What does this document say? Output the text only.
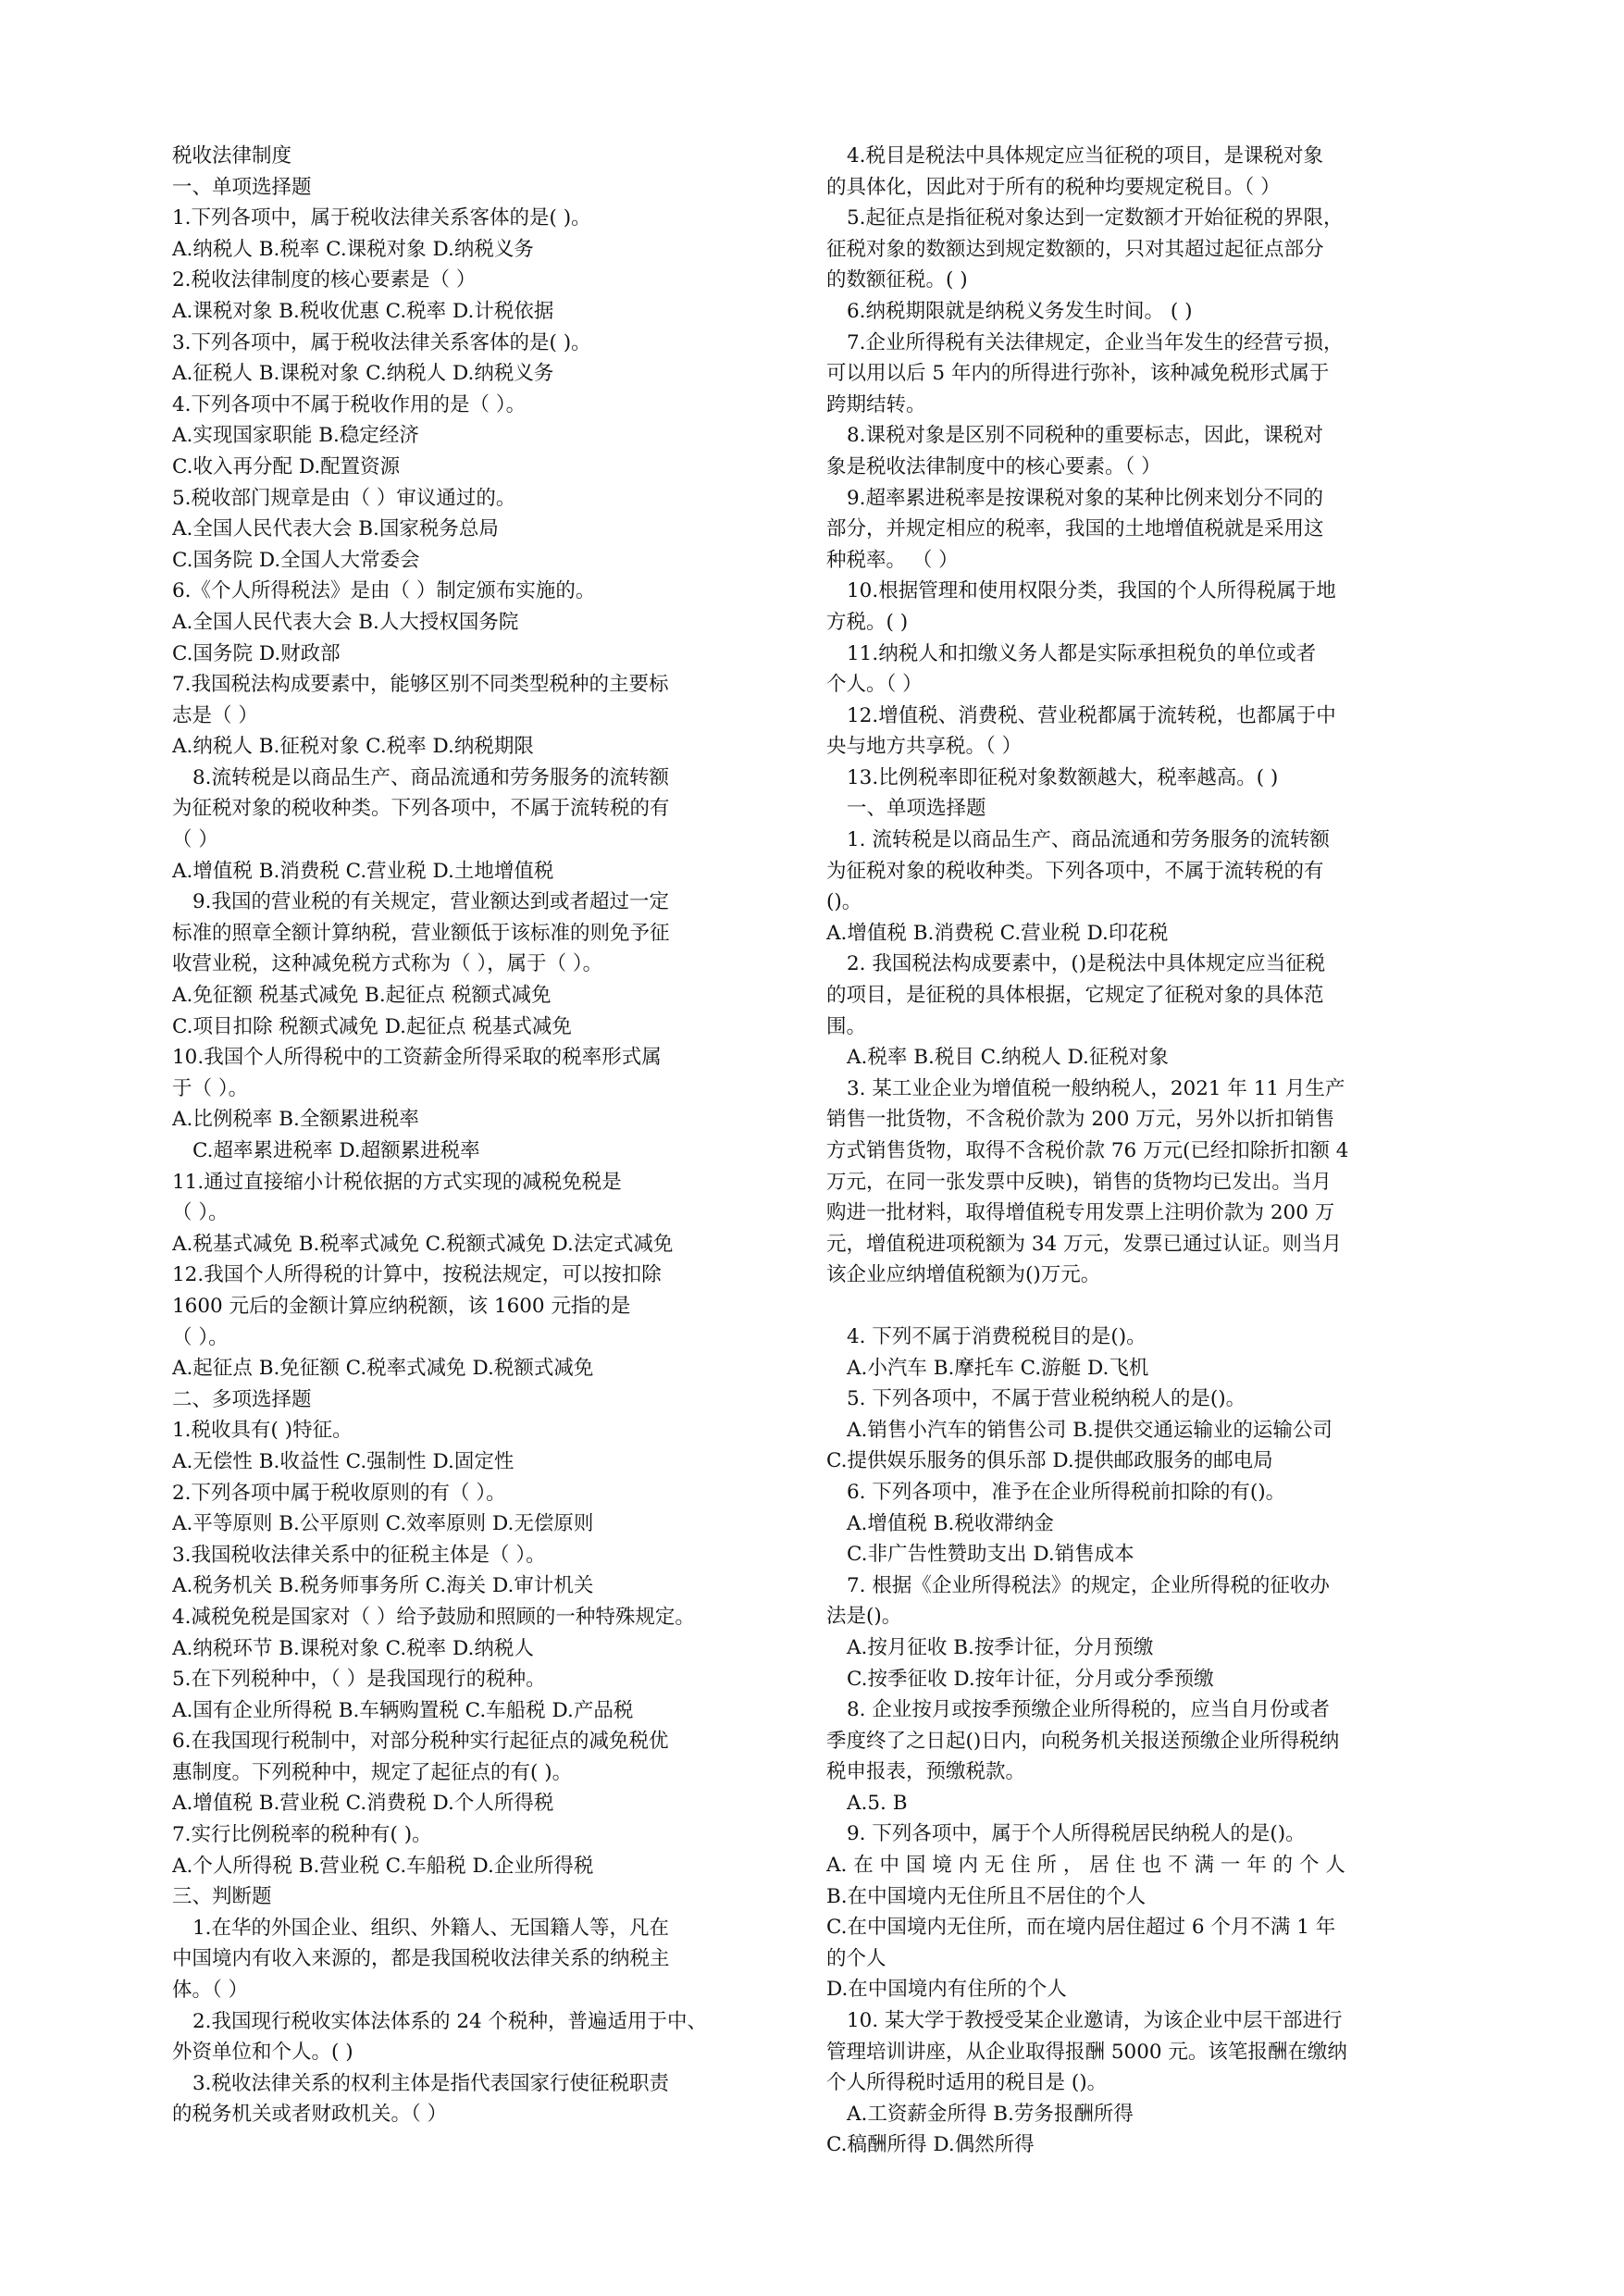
税收法律制度
一、单项选择题
1.下列各项中，属于税收法律关系客体的是( )。
A.纳税人 B.税率 C.课税对象 D.纳税义务
2.税收法律制度的核心要素是（ ）
A.课税对象 B.税收优惠 C.税率 D.计税依据
3.下列各项中，属于税收法律关系客体的是( )。
A.征税人 B.课税对象 C.纳税人 D.纳税义务
4.下列各项中不属于税收作用的是（ ）。
A.实现国家职能 B.稳定经济
C.收入再分配 D.配置资源
5.税收部门规章是由（ ）审议通过的。
A.全国人民代表大会 B.国家税务总局
C.国务院 D.全国人大常委会
6.《个人所得税法》是由（ ）制定颁布实施的。
A.全国人民代表大会 B.人大授权国务院
C.国务院 D.财政部
7.我国税法构成要素中，能够区别不同类型税种的主要标
志是（ ）
A.纳税人 B.征税对象 C.税率 D.纳税期限
8.流转税是以商品生产、商品流通和劳务服务的流转额
为征税对象的税收种类。下列各项中，不属于流转税的有
（ ）
A.增值税 B.消费税 C.营业税 D.土地增值税
9.我国的营业税的有关规定，营业额达到或者超过一定
标准的照章全额计算纳税，营业额低于该标准的则免予征
收营业税，这种减免税方式称为（ ），属于（ ）。
A.免征额 税基式减免 B.起征点 税额式减免
C.项目扣除 税额式减免 D.起征点 税基式减免
10.我国个人所得税中的工资薪金所得采取的税率形式属
于（ ）。
A.比例税率 B.全额累进税率
C.超率累进税率 D.超额累进税率
11.通过直接缩小计税依据的方式实现的减税免税是
（ ）。
A.税基式减免 B.税率式减免 C.税额式减免 D.法定式减免
12.我国个人所得税的计算中，按税法规定，可以按扣除
1600 元后的金额计算应纳税额，该 1600 元指的是
（ ）。
A.起征点 B.免征额 C.税率式减免 D.税额式减免
二、多项选择题
1.税收具有( )特征。
A.无偿性 B.收益性 C.强制性 D.固定性
2.下列各项中属于税收原则的有（ ）。
A.平等原则 B.公平原则 C.效率原则 D.无偿原则
3.我国税收法律关系中的征税主体是（ ）。
A.税务机关 B.税务师事务所 C.海关 D.审计机关
4.减税免税是国家对（ ）给予鼓励和照顾的一种特殊规定。
A.纳税环节 B.课税对象 C.税率 D.纳税人
5.在下列税种中，（ ）是我国现行的税种。
A.国有企业所得税 B.车辆购置税 C.车船税 D.产品税
6.在我国现行税制中，对部分税种实行起征点的减免税优
惠制度。下列税种中，规定了起征点的有( )。
A.增值税 B.营业税 C.消费税 D.个人所得税
7.实行比例税率的税种有( )。
A.个人所得税 B.营业税 C.车船税 D.企业所得税
三、判断题
1.在华的外国企业、组织、外籍人、无国籍人等，凡在
中国境内有收入来源的，都是我国税收法律关系的纳税主
体。（ ）
2.我国现行税收实体法体系的 24 个税种，普遍适用于中、
外资单位和个人。( )
3.税收法律关系的权利主体是指代表国家行使征税职责
的税务机关或者财政机关。（ ）
4.税目是税法中具体规定应当征税的项目，是课税对象
的具体化，因此对于所有的税种均要规定税目。（ ）
5.起征点是指征税对象达到一定数额才开始征税的界限，
征税对象的数额达到规定数额的，只对其超过起征点部分
的数额征税。( )
6.纳税期限就是纳税义务发生时间。 ( )
7.企业所得税有关法律规定，企业当年发生的经营亏损，
可以用以后 5 年内的所得进行弥补，该种减免税形式属于
跨期结转。
8.课税对象是区别不同税种的重要标志，因此，课税对
象是税收法律制度中的核心要素。（ ）
9.超率累进税率是按课税对象的某种比例来划分不同的
部分，并规定相应的税率，我国的土地增值税就是采用这
种税率。 （ ）
10.根据管理和使用权限分类，我国的个人所得税属于地
方税。( )
11.纳税人和扣缴义务人都是实际承担税负的单位或者
个人。（ ）
12.增值税、消费税、营业税都属于流转税，也都属于中
央与地方共享税。（ ）
13.比例税率即征税对象数额越大，税率越高。( )
一、单项选择题
1. 流转税是以商品生产、商品流通和劳务服务的流转额
为征税对象的税收种类。下列各项中，不属于流转税的有
()。
A.增值税 B.消费税 C.营业税 D.印花税
2. 我国税法构成要素中，()是税法中具体规定应当征税
的项目，是征税的具体根据，它规定了征税对象的具体范
围。
A.税率 B.税目 C.纳税人 D.征税对象
3. 某工业企业为增值税一般纳税人，2021 年 11 月生产
销售一批货物，不含税价款为 200 万元，另外以折扣销售
方式销售货物，取得不含税价款 76 万元(已经扣除折扣额 4
万元，在同一张发票中反映)，销售的货物均已发出。当月
购进一批材料，取得增值税专用发票上注明价款为 200 万
元，增值税进项税额为 34 万元，发票已通过认证。则当月
该企业应纳增值税额为()万元。
4. 下列不属于消费税税目的是()。
A.小汽车 B.摩托车 C.游艇 D.飞机
5. 下列各项中，不属于营业税纳税人的是()。
A.销售小汽车的销售公司 B.提供交通运输业的运输公司
C.提供娱乐服务的俱乐部 D.提供邮政服务的邮电局
6. 下列各项中，准予在企业所得税前扣除的有()。
A.增值税 B.税收滞纳金
C.非广告性赞助支出 D.销售成本
7. 根据《企业所得税法》的规定，企业所得税的征收办
法是()。
A.按月征收 B.按季计征，分月预缴
C.按季征收 D.按年计征，分月或分季预缴
8. 企业按月或按季预缴企业所得税的，应当自月份或者
季度终了之日起()日内，向税务机关报送预缴企业所得税纳
税申报表，预缴税款。
A.5. B
9. 下列各项中，属于个人所得税居民纳税人的是()。
A. 在 中 国 境 内 无 住 所 ， 居 住 也 不 满 一 年 的 个 人
B.在中国境内无住所且不居住的个人
C.在中国境内无住所，而在境内居住超过 6 个月不满 1 年
的个人
D.在中国境内有住所的个人
10. 某大学于教授受某企业邀请，为该企业中层干部进行
管理培训讲座，从企业取得报酬 5000 元。该笔报酬在缴纳
个人所得税时适用的税目是 ()。
A.工资薪金所得 B.劳务报酬所得
C.稿酬所得 D.偶然所得
